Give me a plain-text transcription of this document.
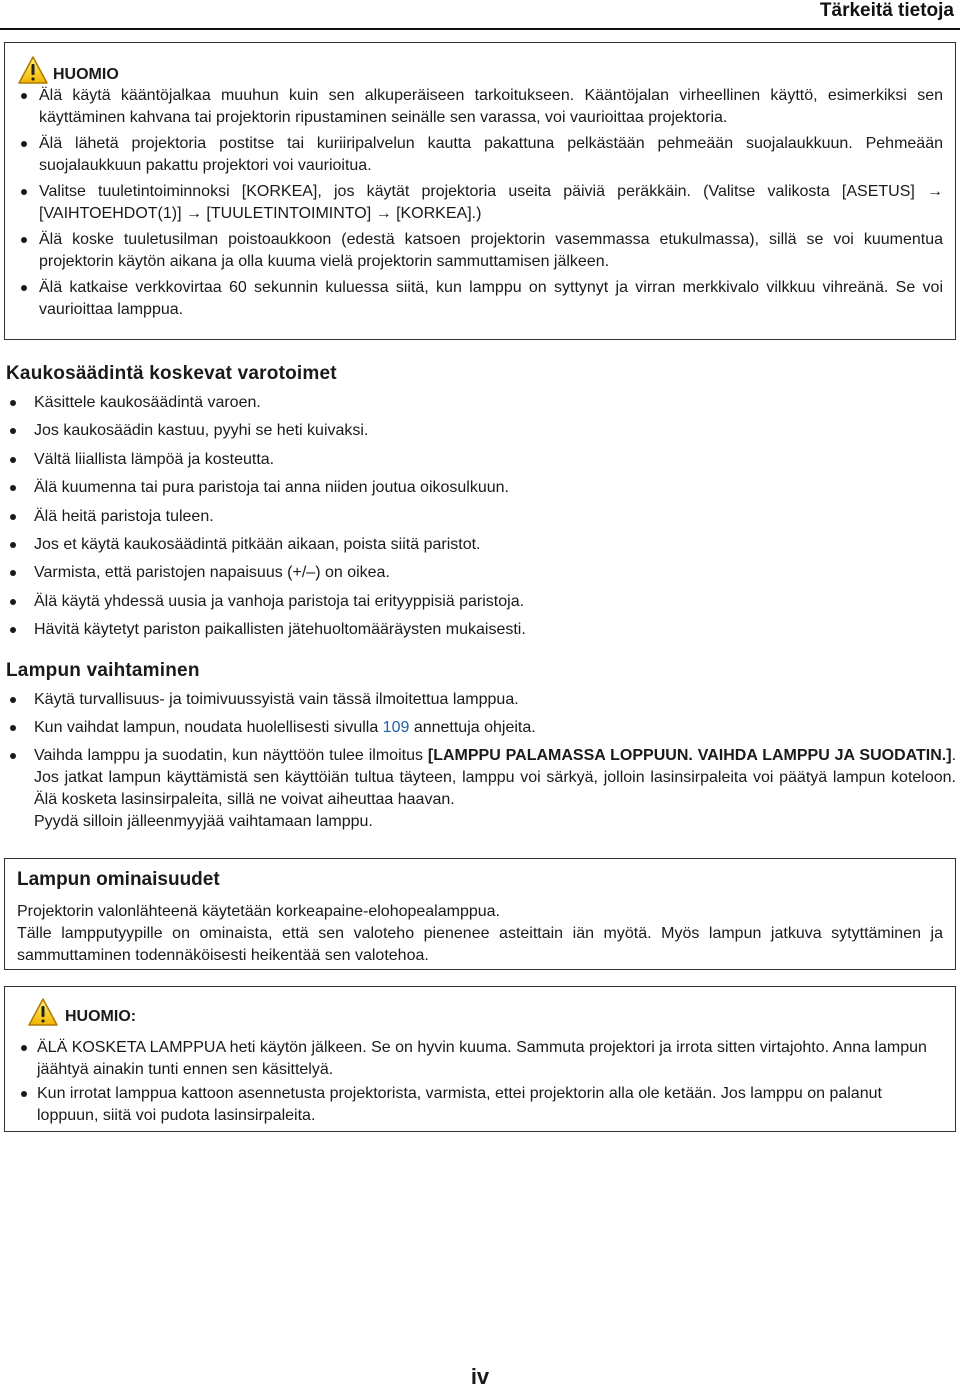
Tärkeitä tietoja
HUOMIO
Älä käytä kääntöjalkaa muuhun kuin sen alkuperäiseen tarkoitukseen. Kääntöjalan virheellinen käyttö, esimerkiksi sen käyttäminen kahvana tai projektorin ripustaminen seinälle sen varassa, voi vaurioittaa projektoria.
Älä lähetä projektoria postitse tai kuriiripalvelun kautta pakattuna pelkästään pehmeään suojalaukkuun. Pehmeään suojalaukkuun pakattu projektori voi vaurioitua.
Valitse tuuletintoiminnoksi [KORKEA], jos käytät projektoria useita päiviä peräkkäin. (Valitse valikosta [ASETUS] → [VAIHTOEHDOT(1)] → [TUULETINTOIMINTO] → [KORKEA].)
Älä koske tuuletusilman poistoaukkoon (edestä katsoen projektorin vasemmassa etukulmassa), sillä se voi kuumentua projektorin käytön aikana ja olla kuuma vielä projektorin sammuttamisen jälkeen.
Älä katkaise verkkovirtaa 60 sekunnin kuluessa siitä, kun lamppu on syttynyt ja virran merkkivalo vilkkuu vihreänä. Se voi vaurioittaa lamppua.
Kaukosäädintä koskevat varotoimet
Käsittele kaukosäädintä varoen.
Jos kaukosäädin kastuu, pyyhi se heti kuivaksi.
Vältä liiallista lämpöä ja kosteutta.
Älä kuumenna tai pura paristoja tai anna niiden joutua oikosulkuun.
Älä heitä paristoja tuleen.
Jos et käytä kaukosäädintä pitkään aikaan, poista siitä paristot.
Varmista, että paristojen napaisuus (+/–) on oikea.
Älä käytä yhdessä uusia ja vanhoja paristoja tai erityyppisiä paristoja.
Hävitä käytetyt pariston paikallisten jätehuoltomääräysten mukaisesti.
Lampun vaihtaminen
Käytä turvallisuus- ja toimivuussyistä vain tässä ilmoitettua lamppua.
Kun vaihdat lampun, noudata huolellisesti sivulla 109 annettuja ohjeita.
Vaihda lamppu ja suodatin, kun näyttöön tulee ilmoitus [LAMPPU PALAMASSA LOPPUUN. VAIHDA LAMPPU JA SUODATIN.]. Jos jatkat lampun käyttämistä sen käyttöiän tultua täyteen, lamppu voi särkyä, jolloin lasinsirpaleita voi päätyä lampun koteloon. Älä kosketa lasinsirpaleita, sillä ne voivat aiheuttaa haavan.
Pyydä silloin jälleenmyyjää vaihtamaan lamppu.
Lampun ominaisuudet

Projektorin valonlähteenä käytetään korkeapaine-elohopealamppua.

Tälle lampputyypille on ominaista, että sen valoteho pienenee asteittain iän myötä. Myös lampun jatkuva sytyttäminen ja sammuttaminen todennäköisesti heikentää sen valotehoa.

HUOMIO:
ÄLÄ KOSKETA LAMPPUA heti käytön jälkeen. Se on hyvin kuuma. Sammuta projektori ja irrota sitten virtajohto. Anna lampun jäähtyä ainakin tunti ennen sen käsittelyä.
Kun irrotat lamppua kattoon asennetusta projektorista, varmista, ettei projektorin alla ole ketään. Jos lamppu on palanut loppuun, siitä voi pudota lasinsirpaleita.
iv
